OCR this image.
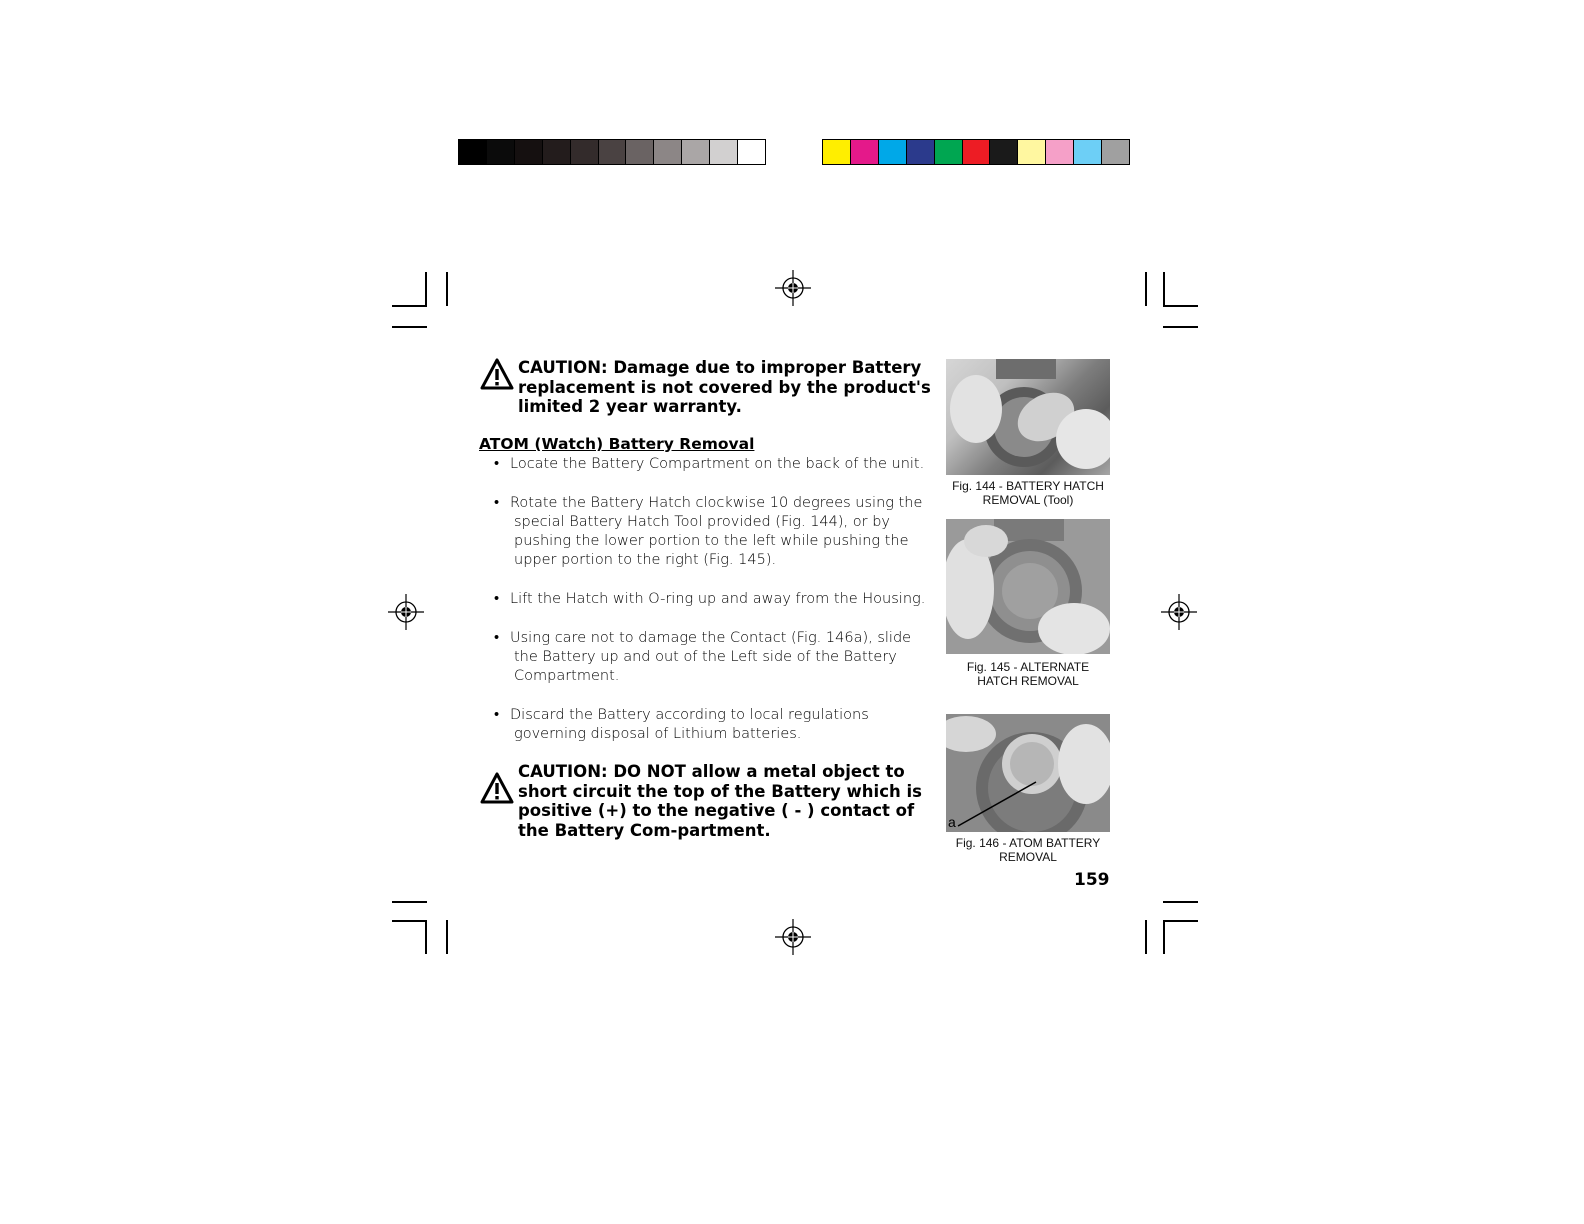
CAUTION: Damage due to improper Battery replacement is not covered by the product's limited 2 year warranty.

ATOM (Watch) Battery Removal
• Locate the Battery Compartment on the back of the unit.
• Rotate the Battery Hatch clockwise 10 degrees using the special Battery Hatch Tool provided (Fig. 144), or by pushing the lower portion to the left while pushing the upper portion to the right (Fig. 145).
• Lift the Hatch with O-ring up and away from the Housing.
• Using care not to damage the Contact (Fig. 146a), slide the Battery up and out of the Left side of the Battery Compartment.
• Discard the Battery according to local regulations governing disposal of Lithium batteries.

CAUTION: DO NOT allow a metal object to short circuit the top of the Battery which is positive (+) to the negative ( - ) contact of the Battery Com-partment.

Fig. 144 - BATTERY HATCH
REMOVAL (Tool)
Fig. 145 - ALTERNATE
HATCH REMOVAL
a
Fig. 146 - ATOM BATTERY
REMOVAL
159
